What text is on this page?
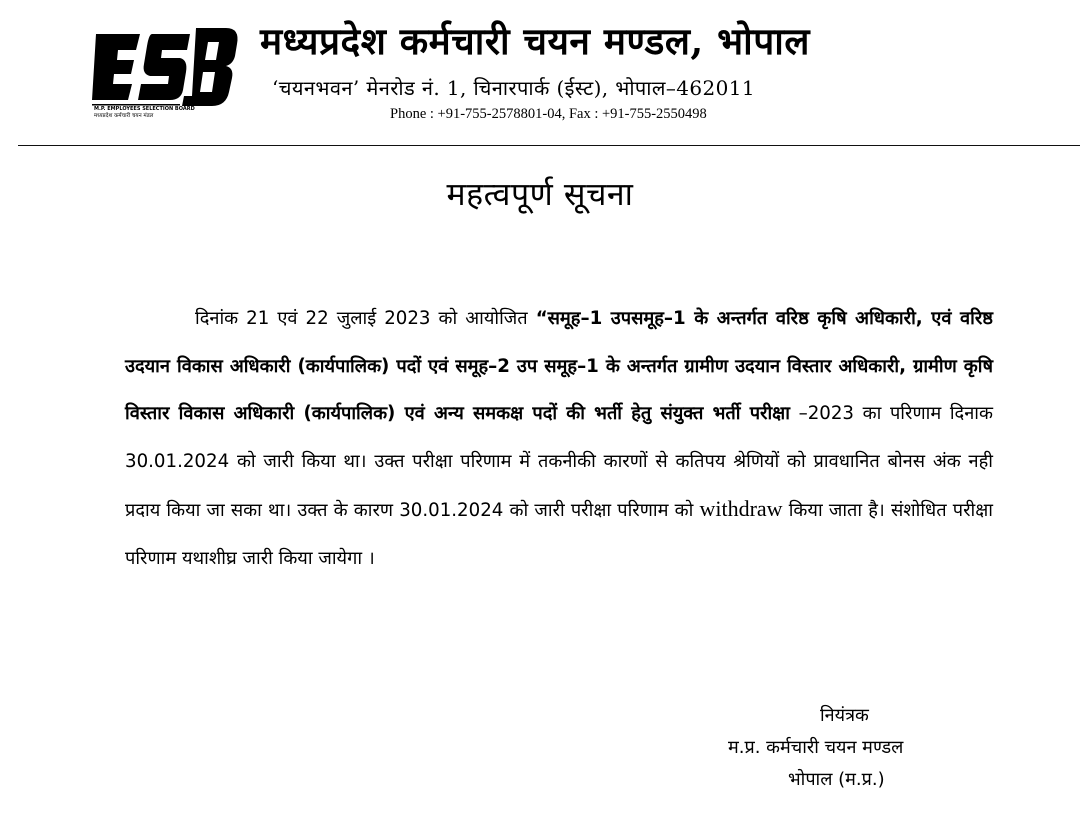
M.P. EMPLOYEES SELECTION BOARD
मध्यप्रदेश कर्मचारी चयन मंडल
मध्यप्रदेश कर्मचारी चयन मण्डल, भोपाल
‘चयनभवन’ मेनरोड नं. 1, चिनारपार्क (ईस्ट), भोपाल–462011
Phone : +91-755-2578801-04, Fax : +91-755-2550498
महत्वपूर्ण सूचना
दिनांक 21 एवं 22 जुलाई 2023 को आयोजित “समूह–1 उपसमूह–1 के अन्तर्गत वरिष्ठ कृषि अधिकारी, एवं वरिष्ठ उदयान विकास अधिकारी (कार्यपालिक) पदों एवं समूह–2 उप समूह–1 के अन्तर्गत ग्रामीण उदयान विस्तार अधिकारी, ग्रामीण कृषि विस्तार विकास अधिकारी (कार्यपालिक) एवं अन्य समकक्ष पदों की भर्ती हेतु संयुक्त भर्ती परीक्षा –2023 का परिणाम दिनाक 30.01.2024 को जारी किया था। उक्त परीक्षा परिणाम में तकनीकी कारणों से कतिपय श्रेणियों को प्रावधानित बोनस अंक नही प्रदाय किया जा सका था। उक्त के कारण 30.01.2024 को जारी परीक्षा परिणाम को withdraw किया जाता है। संशोधित परीक्षा परिणाम यथाशीघ्र जारी किया जायेगा ।
नियंत्रक
म.प्र. कर्मचारी चयन मण्डल
भोपाल (म.प्र.)
